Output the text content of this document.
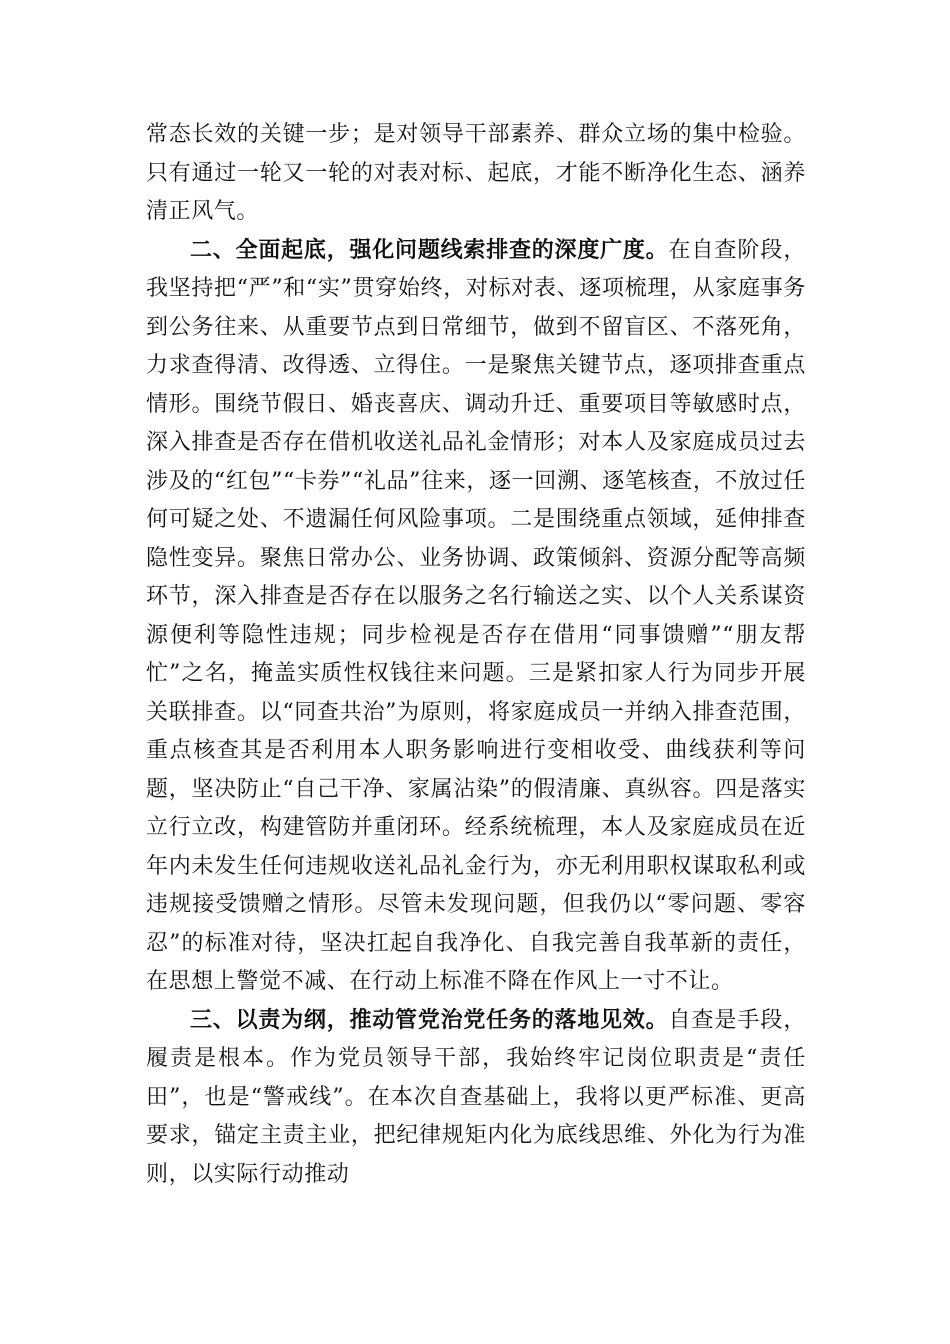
常态长效的关键一步；是对领导干部素养、群众立场的集中检验。只有通过一轮又一轮的对表对标、起底，才能不断净化生态、涵养清正风气。

二、全面起底，强化问题线索排查的深度广度。在自查阶段，我坚持把“严”和“实”贯穿始终，对标对表、逐项梳理，从家庭事务到公务往来、从重要节点到日常细节，做到不留盲区、不落死角，力求查得清、改得透、立得住。一是聚焦关键节点，逐项排查重点情形。围绕节假日、婚丧喜庆、调动升迁、重要项目等敏感时点，深入排查是否存在借机收送礼品礼金情形；对本人及家庭成员过去涉及的“红包”“卡券”“礼品”往来，逐一回溯、逐笔核查，不放过任何可疑之处、不遗漏任何风险事项。二是围绕重点领域，延伸排查隐性变异。聚焦日常办公、业务协调、政策倾斜、资源分配等高频环节，深入排查是否存在以服务之名行输送之实、以个人关系谋资源便利等隐性违规；同步检视是否存在借用“同事馈赠”“朋友帮忙”之名，掩盖实质性权钱往来问题。三是紧扣家人行为同步开展关联排查。以“同查共治”为原则，将家庭成员一并纳入排查范围，重点核查其是否利用本人职务影响进行变相收受、曲线获利等问题，坚决防止“自己干净、家属沾染”的假清廉、真纵容。四是落实立行立改，构建管防并重闭环。经系统梳理，本人及家庭成员在近年内未发生任何违规收送礼品礼金行为，亦无利用职权谋取私利或违规接受馈赠之情形。尽管未发现问题，但我仍以“零问题、零容忍”的标准对待，坚决扛起自我净化、自我完善自我革新的责任，在思想上警觉不减、在行动上标准不降在作风上一寸不让。

三、以责为纲，推动管党治党任务的落地见效。自查是手段，履责是根本。作为党员领导干部，我始终牢记岗位职责是“责任田”，也是“警戒线”。在本次自查基础上，我将以更严标准、更高要求，锚定主责主业，把纪律规矩内化为底线思维、外化为行为准则，以实际行动推动
